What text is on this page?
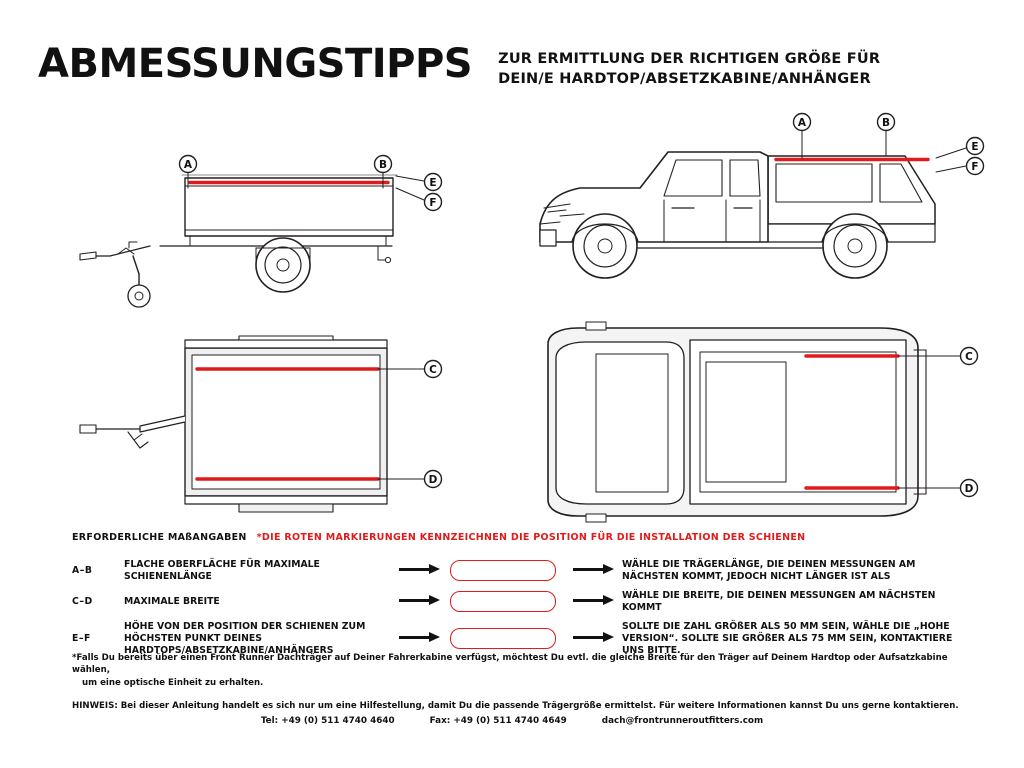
ABMESSUNGSTIPPS ZUR ERMITTLUNG DER RICHTIGEN GRÖßE FÜR
DEIN/E HARDTOP/ABSETZKABINE/ANHÄNGER
A	B
E
F
C
D
A	B
E
F
C
D
ERFORDERLICHE MAßANGABEN *DIE ROTEN MARKIERUNGEN KENNZEICHNEN DIE POSITION FÜR DIE INSTALLATION DER SCHIENEN
A–B	FLACHE OBERFLÄCHE FÜR MAXIMALE SCHIENENLÄNGE				WÄHLE DIE TRÄGERLÄNGE, DIE DEINEN MESSUNGEN AM NÄCHSTEN KOMMT, JEDOCH NICHT LÄNGER IST ALS
C–D	MAXIMALE BREITE				WÄHLE DIE BREITE, DIE DEINEN MESSUNGEN AM NÄCHSTEN KOMMT
E–F	HÖHE VON DER POSITION DER SCHIENEN ZUM HÖCHSTEN PUNKT DEINES HARDTOPS/ABSETZKABINE/ANHÄNGERS				SOLLTE DIE ZAHL GRÖßER ALS 50 MM SEIN, WÄHLE DIE „HOHE VERSION“. SOLLTE SIE GRÖßER ALS 75 MM SEIN, KONTAKTIERE UNS BITTE.
*Falls Du bereits über einen Front Runner Dachträger auf Deiner Fahrerkabine verfügst, möchtest Du evtl. die gleiche Breite für den Träger auf Deinem Hardtop oder Aufsatzkabine wählen,
um eine optische Einheit zu erhalten.
HINWEIS: Bei dieser Anleitung handelt es sich nur um eine Hilfestellung, damit Du die passende Trägergröße ermittelst. Für weitere Informationen kannst Du uns gerne kontaktieren.
Tel: +49 (0) 511 4740 4640	Fax: +49 (0) 511 4740 4649	dach@frontrunneroutfitters.com
